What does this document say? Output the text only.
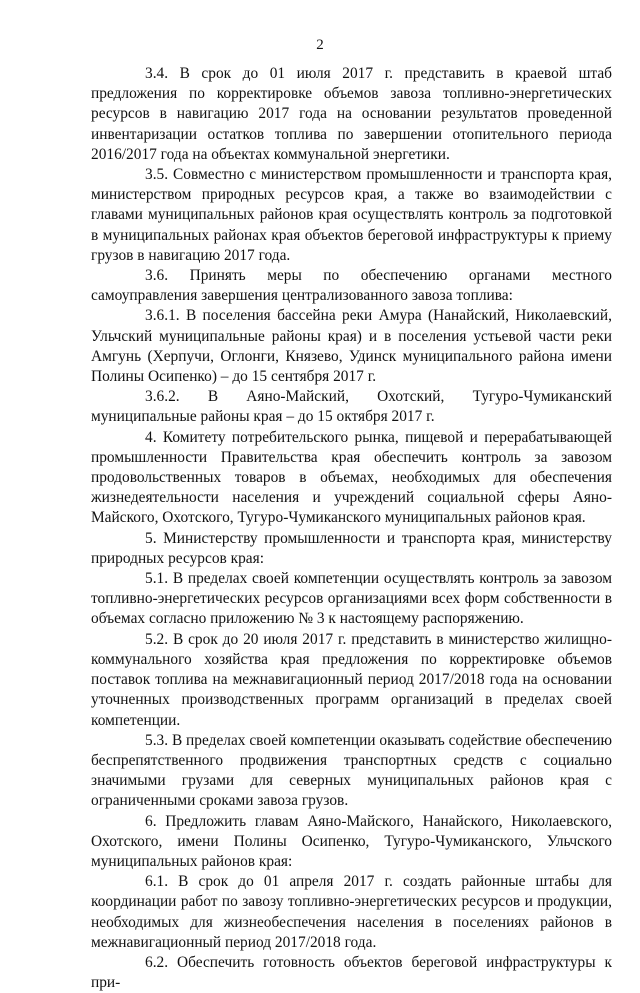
2

3.4. В срок до 01 июля 2017 г. представить в краевой штаб предложения по корректировке объемов завоза топливно-энергетических ресурсов в навигацию 2017 года на основании результатов проведенной инвентаризации остатков топлива по завершении отопительного периода 2016/2017 года на объектах коммунальной энергетики.

3.5. Совместно с министерством промышленности и транспорта края, министерством природных ресурсов края, а также во взаимодействии с главами муниципальных районов края осуществлять контроль за подготовкой в муниципальных районах края объектов береговой инфраструктуры к приему грузов в навигацию 2017 года.

3.6. Принять меры по обеспечению органами местного самоуправления завершения централизованного завоза топлива:

3.6.1. В поселения бассейна реки Амура (Нанайский, Николаевский, Ульчский муниципальные районы края) и в поселения устьевой части реки Амгунь (Херпучи, Оглонги, Князево, Удинск муниципального района имени Полины Осипенко) – до 15 сентября 2017 г.

3.6.2. В Аяно-Майский, Охотский, Тугуро-Чумиканский муниципальные районы края – до 15 октября 2017 г.

4. Комитету потребительского рынка, пищевой и перерабатывающей промышленности Правительства края обеспечить контроль за завозом продовольственных товаров в объемах, необходимых для обеспечения жизнедеятельности населения и учреждений социальной сферы Аяно-Майского, Охотского, Тугуро-Чумиканского муниципальных районов края.

5. Министерству промышленности и транспорта края, министерству природных ресурсов края:

5.1. В пределах своей компетенции осуществлять контроль за завозом топливно-энергетических ресурсов организациями всех форм собственности в объемах согласно приложению № 3 к настоящему распоряжению.

5.2. В срок до 20 июля 2017 г. представить в министерство жилищно-коммунального хозяйства края предложения по корректировке объемов поставок топлива на межнавигационный период 2017/2018 года на основании уточненных производственных программ организаций в пределах своей компетенции.

5.3. В пределах своей компетенции оказывать содействие обеспечению беспрепятственного продвижения транспортных средств с социально значимыми грузами для северных муниципальных районов края с ограниченными сроками завоза грузов.

6. Предложить главам Аяно-Майского, Нанайского, Николаевского, Охотского, имени Полины Осипенко, Тугуро-Чумиканского, Ульчского муниципальных районов края:

6.1. В срок до 01 апреля 2017 г. создать районные штабы для координации работ по завозу топливно-энергетических ресурсов и продукции, необходимых для жизнеобеспечения населения в поселениях районов в межнавигационный период 2017/2018 года.

6.2. Обеспечить готовность объектов береговой инфраструктуры к при-
